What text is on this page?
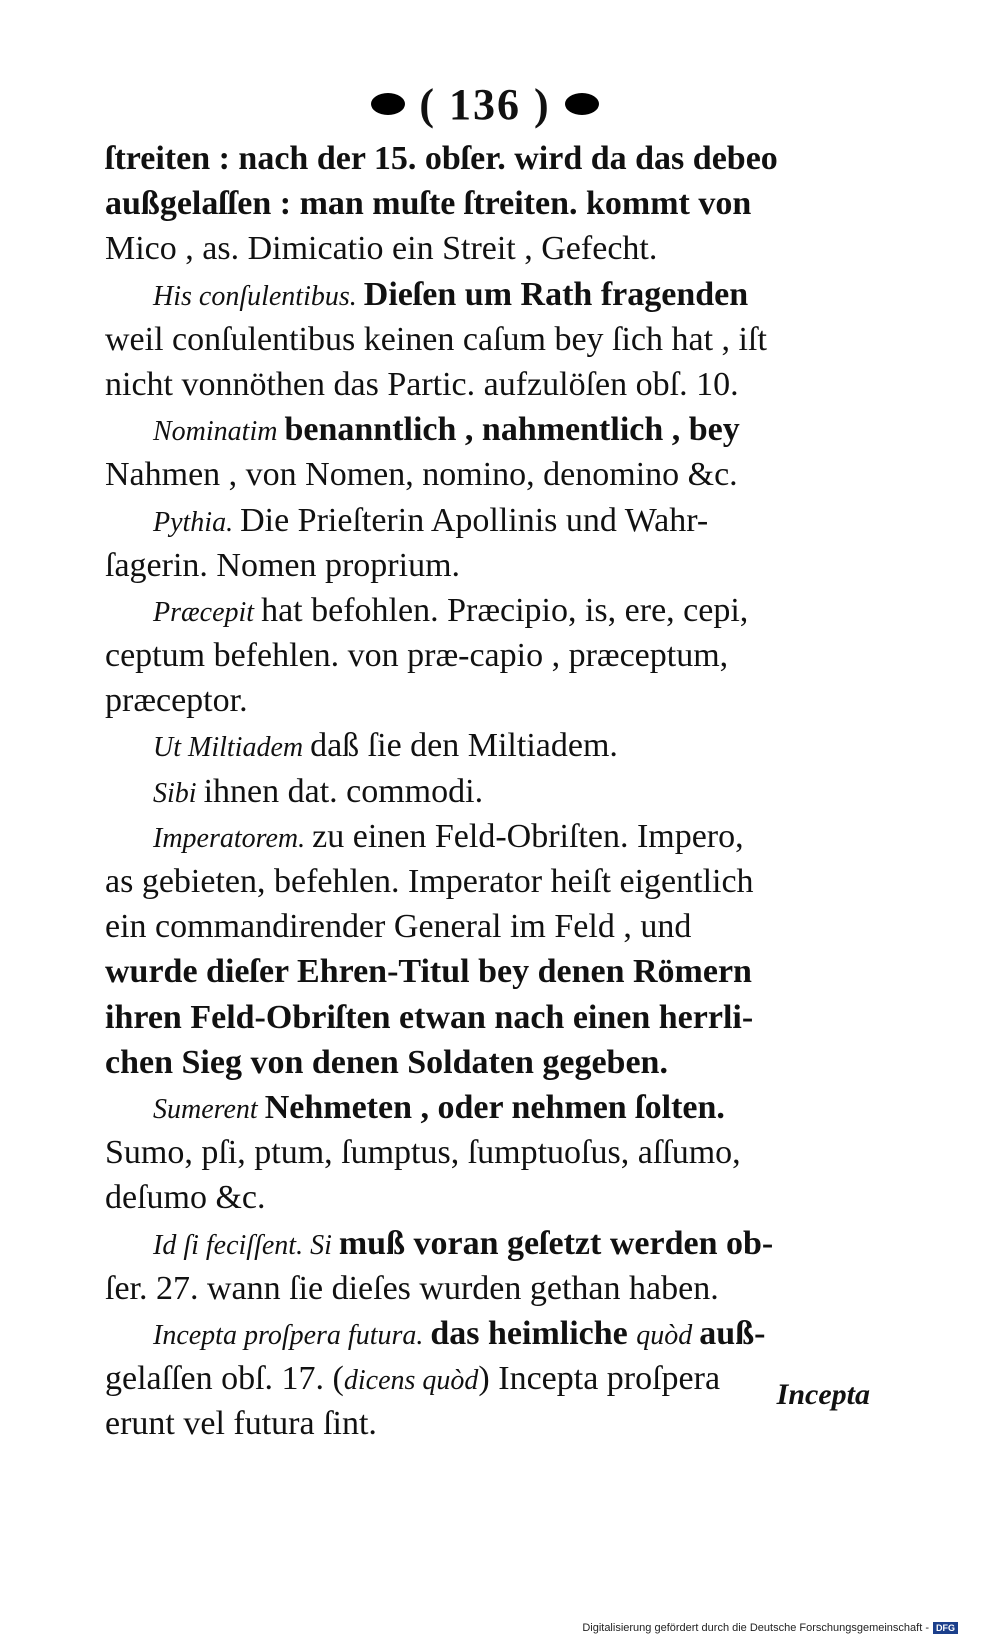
( 136 )
ſtreiten : nach der 15. obſer. wird da das debeo
außgelaſſen : man muſte ſtreiten. kommt von
Mico , as. Dimicatio ein Streit , Gefecht.
His conſulentibus. Dieſen um Rath fragenden
weil conſulentibus keinen caſum bey ſich hat , iſt
nicht vonnöthen das Partic. aufzulöſen obſ. 10.
Nominatim benanntlich , nahmentlich , bey
Nahmen , von Nomen, nomino, denomino &c.
Pythia. Die Prieſterin Apollinis und Wahr-
ſagerin. Nomen proprium.
Præcepit hat befohlen. Præcipio, is, ere, cepi,
ceptum befehlen. von præ-capio , præceptum,
præceptor.
Ut Miltiadem daß ſie den Miltiadem.
Sibi ihnen dat. commodi.
Imperatorem. zu einen Feld-Obriſten. Impero,
as gebieten, befehlen. Imperator heiſt eigentlich
ein commandirender General im Feld , und
wurde dieſer Ehren-Titul bey denen Römern
ihren Feld-Obriſten etwan nach einen herrli-
chen Sieg von denen Soldaten gegeben.
Sumerent Nehmeten , oder nehmen ſolten.
Sumo, pſi, ptum, ſumptus, ſumptuoſus, aſſumo,
deſumo &c.
Id ſi feciſſent. Si muß voran geſetzt werden ob-
ſer. 27. wann ſie dieſes wurden gethan haben.
Incepta proſpera futura. das heimliche quòd auß-
gelaſſen obſ. 17. (dicens quòd) Incepta proſpera
erunt vel futura ſint.
Incepta
Digitalisierung gefördert durch die Deutsche Forschungsgemeinschaft - DFG
